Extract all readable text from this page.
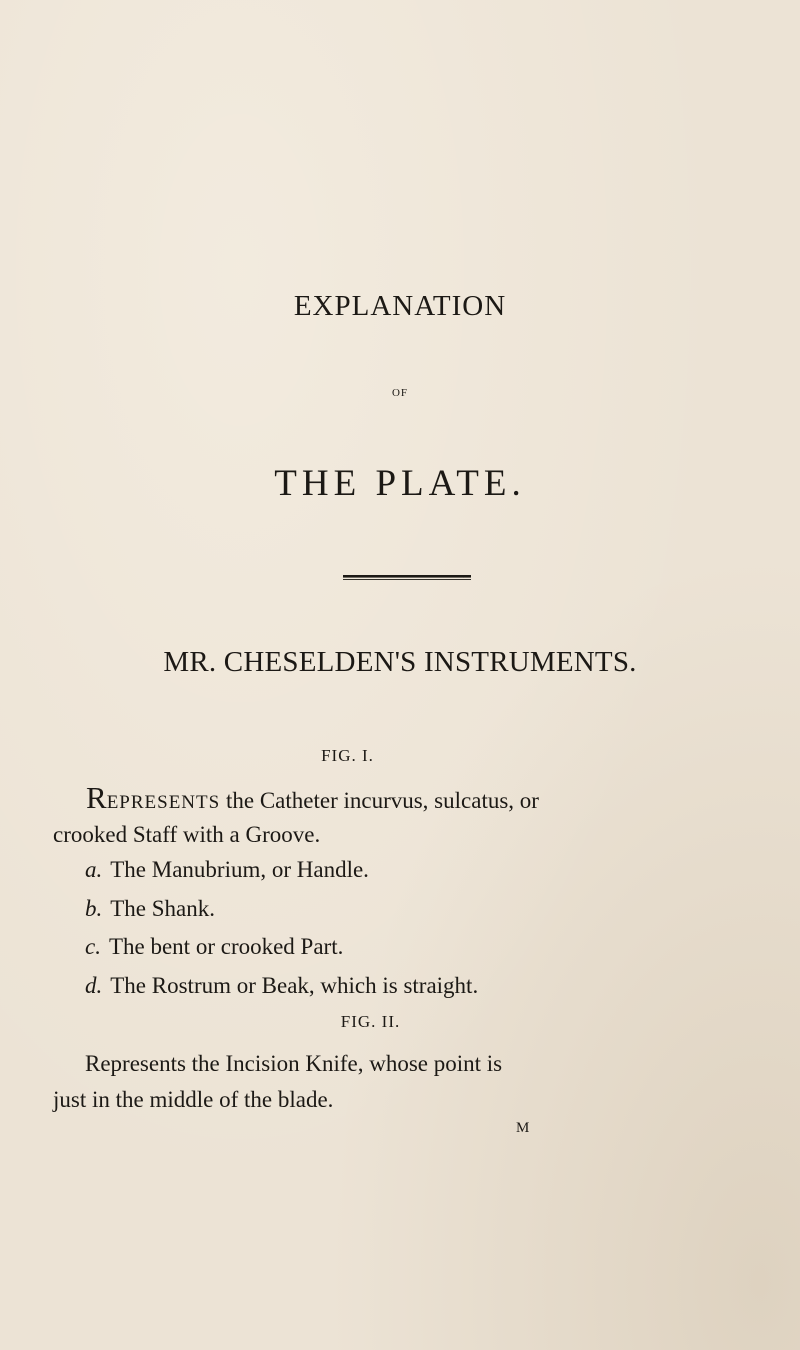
EXPLANATION
OF
THE PLATE.
MR. CHESELDEN'S INSTRUMENTS.
FIG. I.
REPRESENTS the Catheter incurvus, sulcatus, or
crooked Staff with a Groove.
a. The Manubrium, or Handle.
b. The Shank.
c. The bent or crooked Part.
d. The Rostrum or Beak, which is straight.
FIG. II.
Represents the Incision Knife, whose point is
just in the middle of the blade.
M
